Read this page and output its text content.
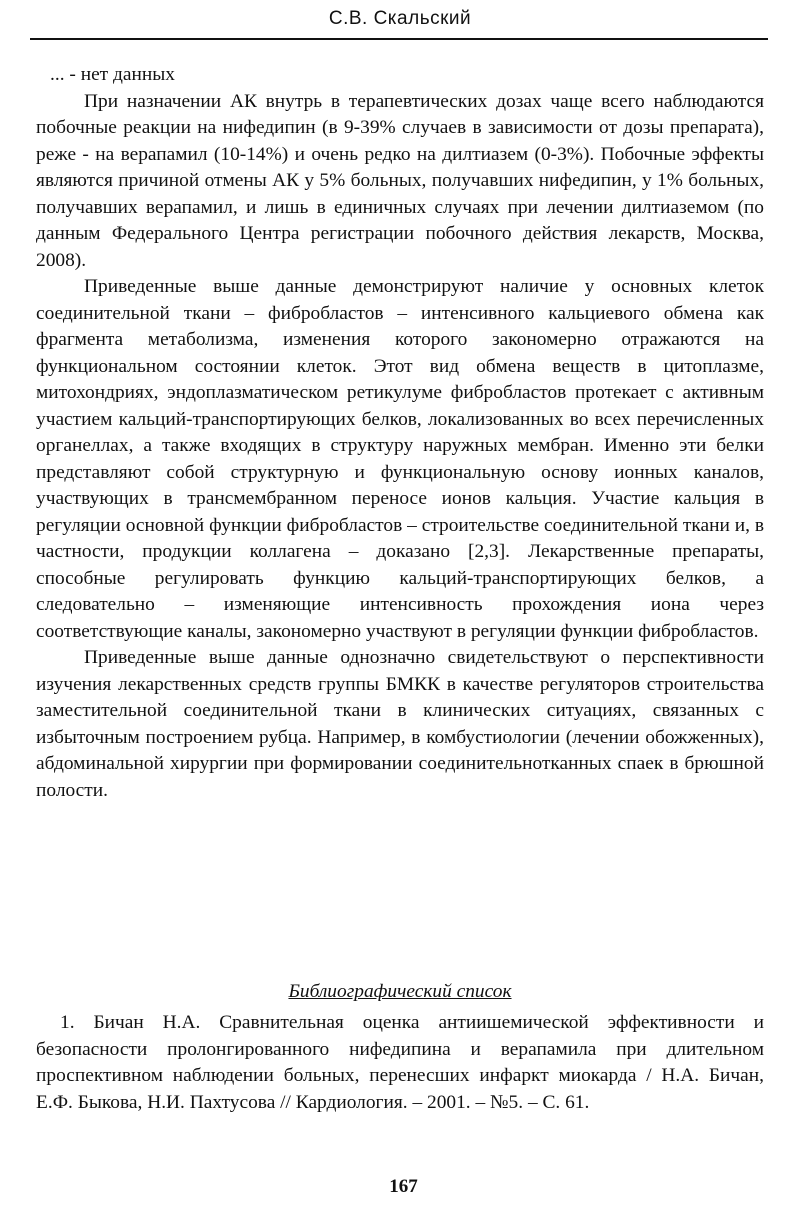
С.В. Скальский

... - нет данных

При назначении АК внутрь в терапевтических дозах чаще всего наблюдаются побочные реакции на нифедипин (в 9-39% случаев в зависимости от дозы препарата), реже - на верапамил (10-14%) и очень редко на дилтиазем (0-3%). Побочные эффекты являются причиной отмены АК у 5% больных, получавших нифедипин, у 1% больных, получавших верапамил, и лишь в единичных случаях при лечении дилтиаземом (по данным Федерального Центра регистрации побочного действия лекарств, Москва, 2008).

Приведенные выше данные демонстрируют наличие у основных клеток соединительной ткани – фибробластов – интенсивного кальциевого обмена как фрагмента метаболизма, изменения которого закономерно отражаются на функциональном состоянии клеток. Этот вид обмена веществ в цитоплазме, митохондриях, эндоплазматическом ретикулуме фибробластов протекает с активным участием кальций-транспортирующих белков, локализованных во всех перечисленных органеллах, а также входящих в структуру наружных мембран. Именно эти белки представляют собой структурную и функциональную основу ионных каналов, участвующих в трансмембранном переносе ионов кальция. Участие кальция в регуляции основной функции фибробластов – строительстве соединительной ткани и, в частности, продукции коллагена – доказано [2,3]. Лекарственные препараты, способные регулировать функцию кальций-транспортирующих белков, а следовательно – изменяющие интенсивность прохождения иона через соответствующие каналы, закономерно участвуют в регуляции функции фибробластов.

Приведенные выше данные однозначно свидетельствуют о перспективности изучения лекарственных средств группы БМКК в качестве регуляторов строительства заместительной соединительной ткани в клинических ситуациях, связанных с избыточным построением рубца. Например, в комбустиологии (лечении обожженных), абдоминальной хирургии при формировании соединительнотканных спаек в брюшной полости.

Библиографический список

1. Бичан Н.А. Сравнительная оценка антиишемической эффективности и безопасности пролонгированного нифедипина и верапамила при длительном проспективном наблюдении больных, перенесших инфаркт миокарда / Н.А. Бичан, Е.Ф. Быкова, Н.И. Пахтусова // Кардиология. – 2001. – №5. – С. 61.

167
